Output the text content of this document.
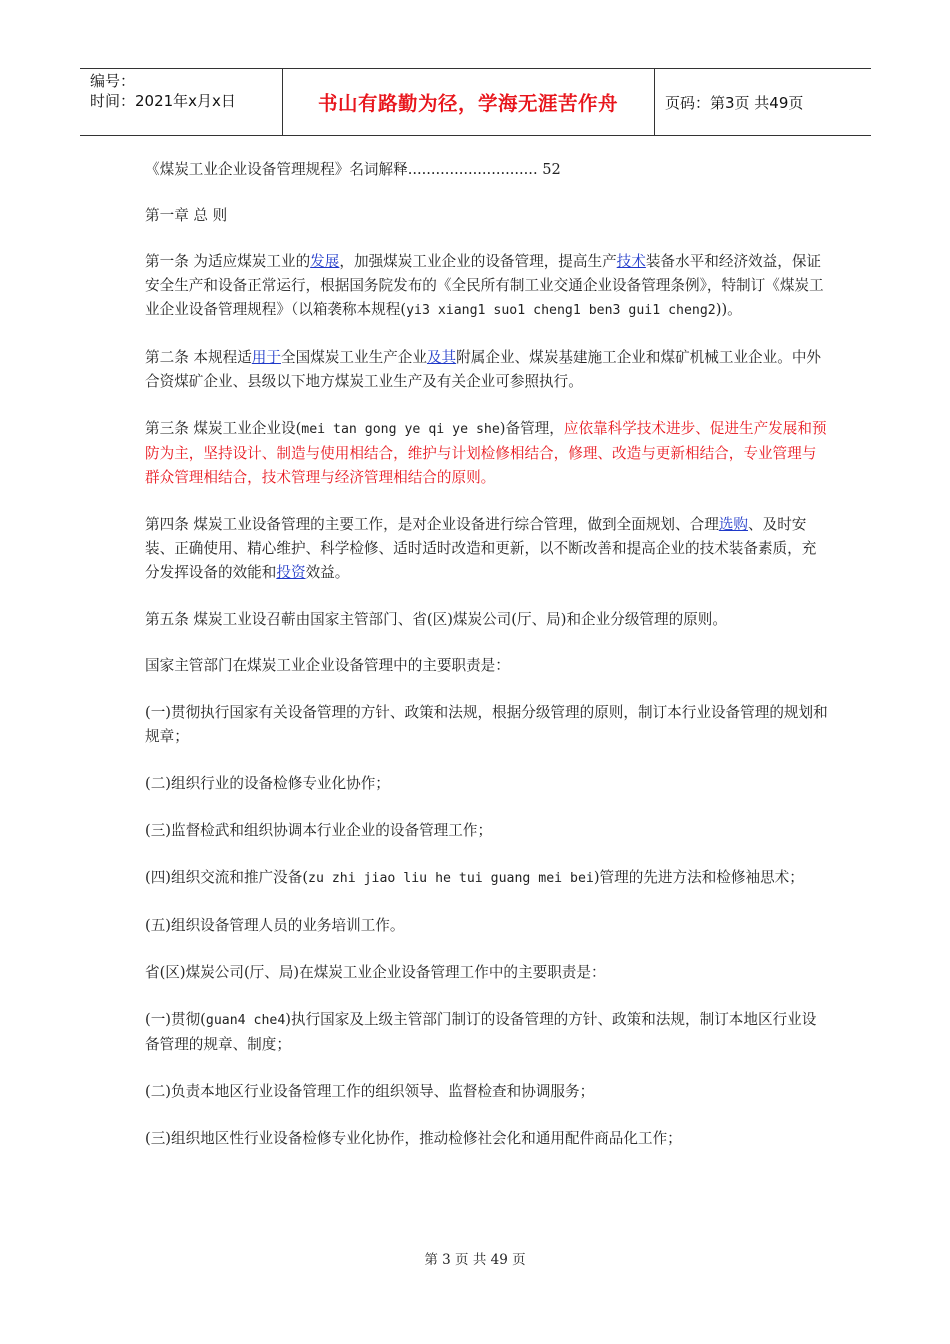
编号：
时间：2021年x月x日	书山有路勤为径，学海无涯苦作舟	页码：第3页 共49页

《煤炭工业企业设备管理规程》名词解释............................ 52

第一章 总 则

第一条 为适应煤炭工业的发展，加强煤炭工业企业的设备管理，提高生产技术装备水平和经济效益，保证安全生产和设备正常运行，根据国务院发布的《全民所有制工业交通企业设备管理条例》，特制订《煤炭工业企业设备管理规程》（以箱袭称本规程(yi3 xiang1 suo1 cheng1 ben3 gui1 cheng2))。

第二条 本规程适用于全国煤炭工业生产企业及其附属企业、煤炭基建施工企业和煤矿机械工业企业。中外合资煤矿企业、县级以下地方煤炭工业生产及有关企业可参照执行。

第三条 煤炭工业企业设(mei tan gong ye qi ye she)备管理，应依靠科学技术进步、促进生产发展和预防为主，坚持设计、制造与使用相结合，维护与计划检修相结合，修理、改造与更新相结合，专业管理与群众管理相结合，技术管理与经济管理相结合的原则。

第四条 煤炭工业设备管理的主要工作，是对企业设备进行综合管理，做到全面规划、合理选购、及时安装、正确使用、精心维护、科学检修、适时适时改造和更新，以不断改善和提高企业的技术装备素质，充分发挥设备的效能和投资效益。

第五条 煤炭工业设召蕲由国家主管部门、省(区)煤炭公司(厅、局)和企业分级管理的原则。

国家主管部门在煤炭工业企业设备管理中的主要职责是：

(一)贯彻执行国家有关设备管理的方针、政策和法规，根据分级管理的原则，制订本行业设备管理的规划和规章；

(二)组织行业的设备检修专业化协作；

(三)监督检武和组织协调本行业企业的设备管理工作；

(四)组织交流和推广没备(zu zhi jiao liu he tui guang mei bei)管理的先进方法和检修袖思术；

(五)组织设备管理人员的业务培训工作。

省(区)煤炭公司(厅、局)在煤炭工业企业设备管理工作中的主要职责是：

(一)贯彻(guan4 che4)执行国家及上级主管部门制订的设备管理的方针、政策和法规，制订本地区行业设备管理的规章、制度；

(二)负责本地区行业设备管理工作的组织领导、监督检查和协调服务；

(三)组织地区性行业设备检修专业化协作，推动检修社会化和通用配件商品化工作；

第 3 页 共 49 页
